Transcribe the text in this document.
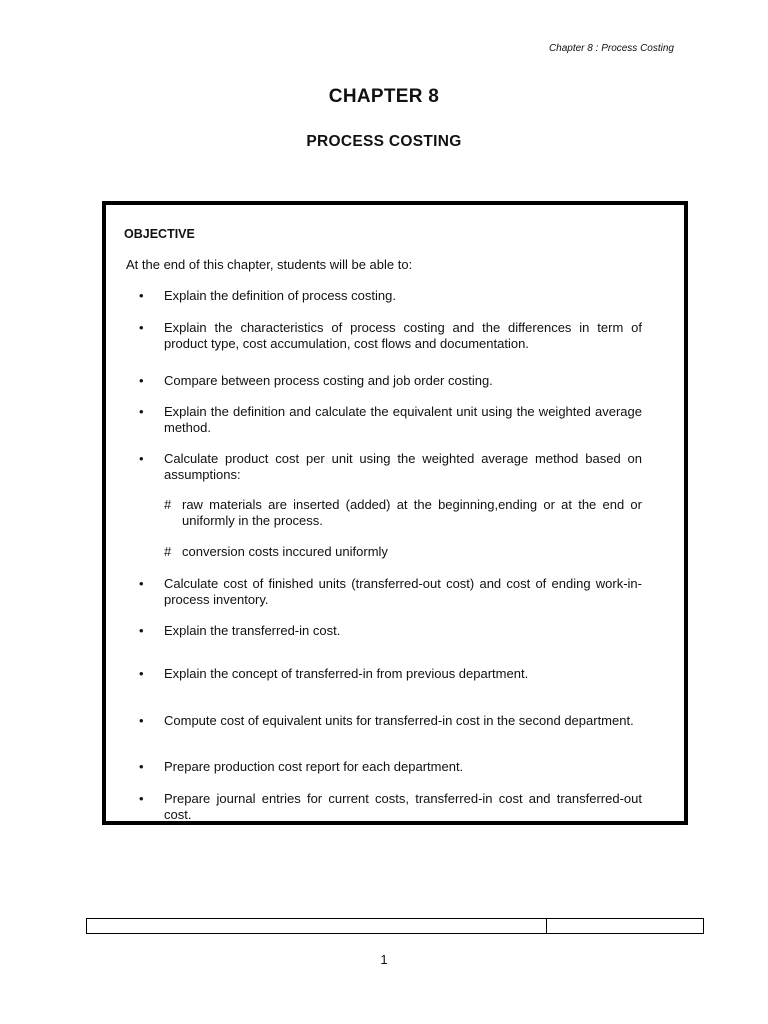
Chapter 8 : Process Costing
CHAPTER 8
PROCESS COSTING
OBJECTIVE
At the end of this chapter, students will be able to:
• Explain the definition of process costing.
• Explain the characteristics of process costing and the differences in term of product type, cost accumulation, cost flows and documentation.
• Compare between process costing and job order costing.
• Explain the definition and calculate the equivalent unit using the weighted average method.
• Calculate product cost per unit using the weighted average method based on assumptions:
# raw materials are inserted (added) at the beginning,ending or at the end or uniformly in the process.
# conversion costs inccured uniformly
• Calculate cost of finished units (transferred-out cost) and cost of ending work-in-process inventory.
• Explain the transferred-in cost.
• Explain the concept of transferred-in from previous department.
• Compute cost of equivalent units for transferred-in cost in the second department.
• Prepare production cost report for each department.
• Prepare journal entries for current costs, transferred-in cost and transferred-out cost.
1
